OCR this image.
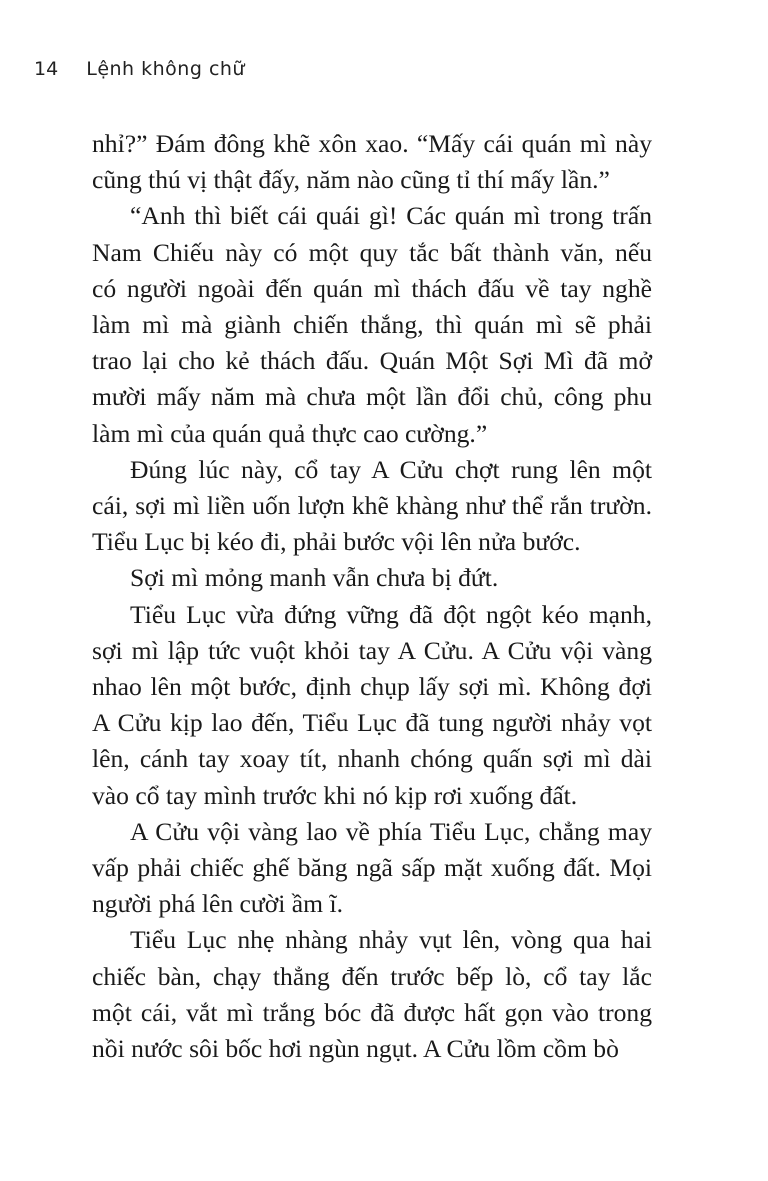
14 Lệnh không chữ
nhỉ?” Đám đông khẽ xôn xao. “Mấy cái quán mì này
cũng thú vị thật đấy, năm nào cũng tỉ thí mấy lần.”
“Anh thì biết cái quái gì! Các quán mì trong trấn
Nam Chiếu này có một quy tắc bất thành văn, nếu
có người ngoài đến quán mì thách đấu về tay nghề
làm mì mà giành chiến thắng, thì quán mì sẽ phải
trao lại cho kẻ thách đấu. Quán Một Sợi Mì đã mở
mười mấy năm mà chưa một lần đổi chủ, công phu
làm mì của quán quả thực cao cường.”
Đúng lúc này, cổ tay A Cửu chợt rung lên một
cái, sợi mì liền uốn lượn khẽ khàng như thể rắn trườn.
Tiểu Lục bị kéo đi, phải bước vội lên nửa bước.
Sợi mì mỏng manh vẫn chưa bị đứt.
Tiểu Lục vừa đứng vững đã đột ngột kéo mạnh,
sợi mì lập tức vuột khỏi tay A Cửu. A Cửu vội vàng
nhao lên một bước, định chụp lấy sợi mì. Không đợi
A Cửu kịp lao đến, Tiểu Lục đã tung người nhảy vọt
lên, cánh tay xoay tít, nhanh chóng quấn sợi mì dài
vào cổ tay mình trước khi nó kịp rơi xuống đất.
A Cửu vội vàng lao về phía Tiểu Lục, chẳng may
vấp phải chiếc ghế băng ngã sấp mặt xuống đất. Mọi
người phá lên cười ầm ĩ.
Tiểu Lục nhẹ nhàng nhảy vụt lên, vòng qua hai
chiếc bàn, chạy thẳng đến trước bếp lò, cổ tay lắc
một cái, vắt mì trắng bóc đã được hất gọn vào trong
nồi nước sôi bốc hơi ngùn ngụt. A Cửu lồm cồm bò
